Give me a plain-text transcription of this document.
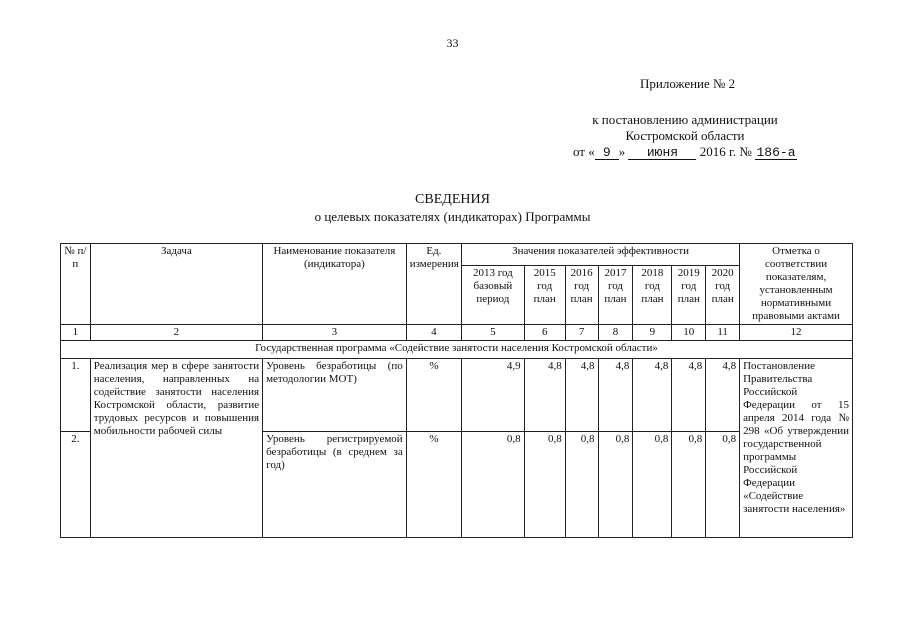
33
Приложение № 2
к постановлению администрации
Костромской области
от « 9 » июня 2016 г. № 186-а
СВЕДЕНИЯ
о целевых показателях (индикаторах) Программы
№ п/п	Задача	Наименование показателя (индикатора)	Ед. измерения	Значения показателей эффективности							Отметка о соответствии показателям, установленным нормативными правовыми актами
				2013 год базовый период	2015 год план	2016 год план	2017 год план	2018 год план	2019 год план	2020 год план	
1	2	3	4	5	6	7	8	9	10	11	12
Государственная программа «Содействие занятости населения Костромской области»											
1.	Реализация мер в сфере занятости населения, направленных на содействие занятости населения Костромской области, развитие трудовых ресурсов и повышения мобильности рабочей силы	Уровень безработицы (по методологии МОТ)	%	4,9	4,8	4,8	4,8	4,8	4,8	4,8	Постановление Правительства Российской Федерации от 15 апреля 2014 года № 298 «Об утверждении государственной программы Российской Федерации «Содействие занятости населения»
2.		Уровень регистрируемой безработицы (в среднем за год)	%	0,8	0,8	0,8	0,8	0,8	0,8	0,8	
